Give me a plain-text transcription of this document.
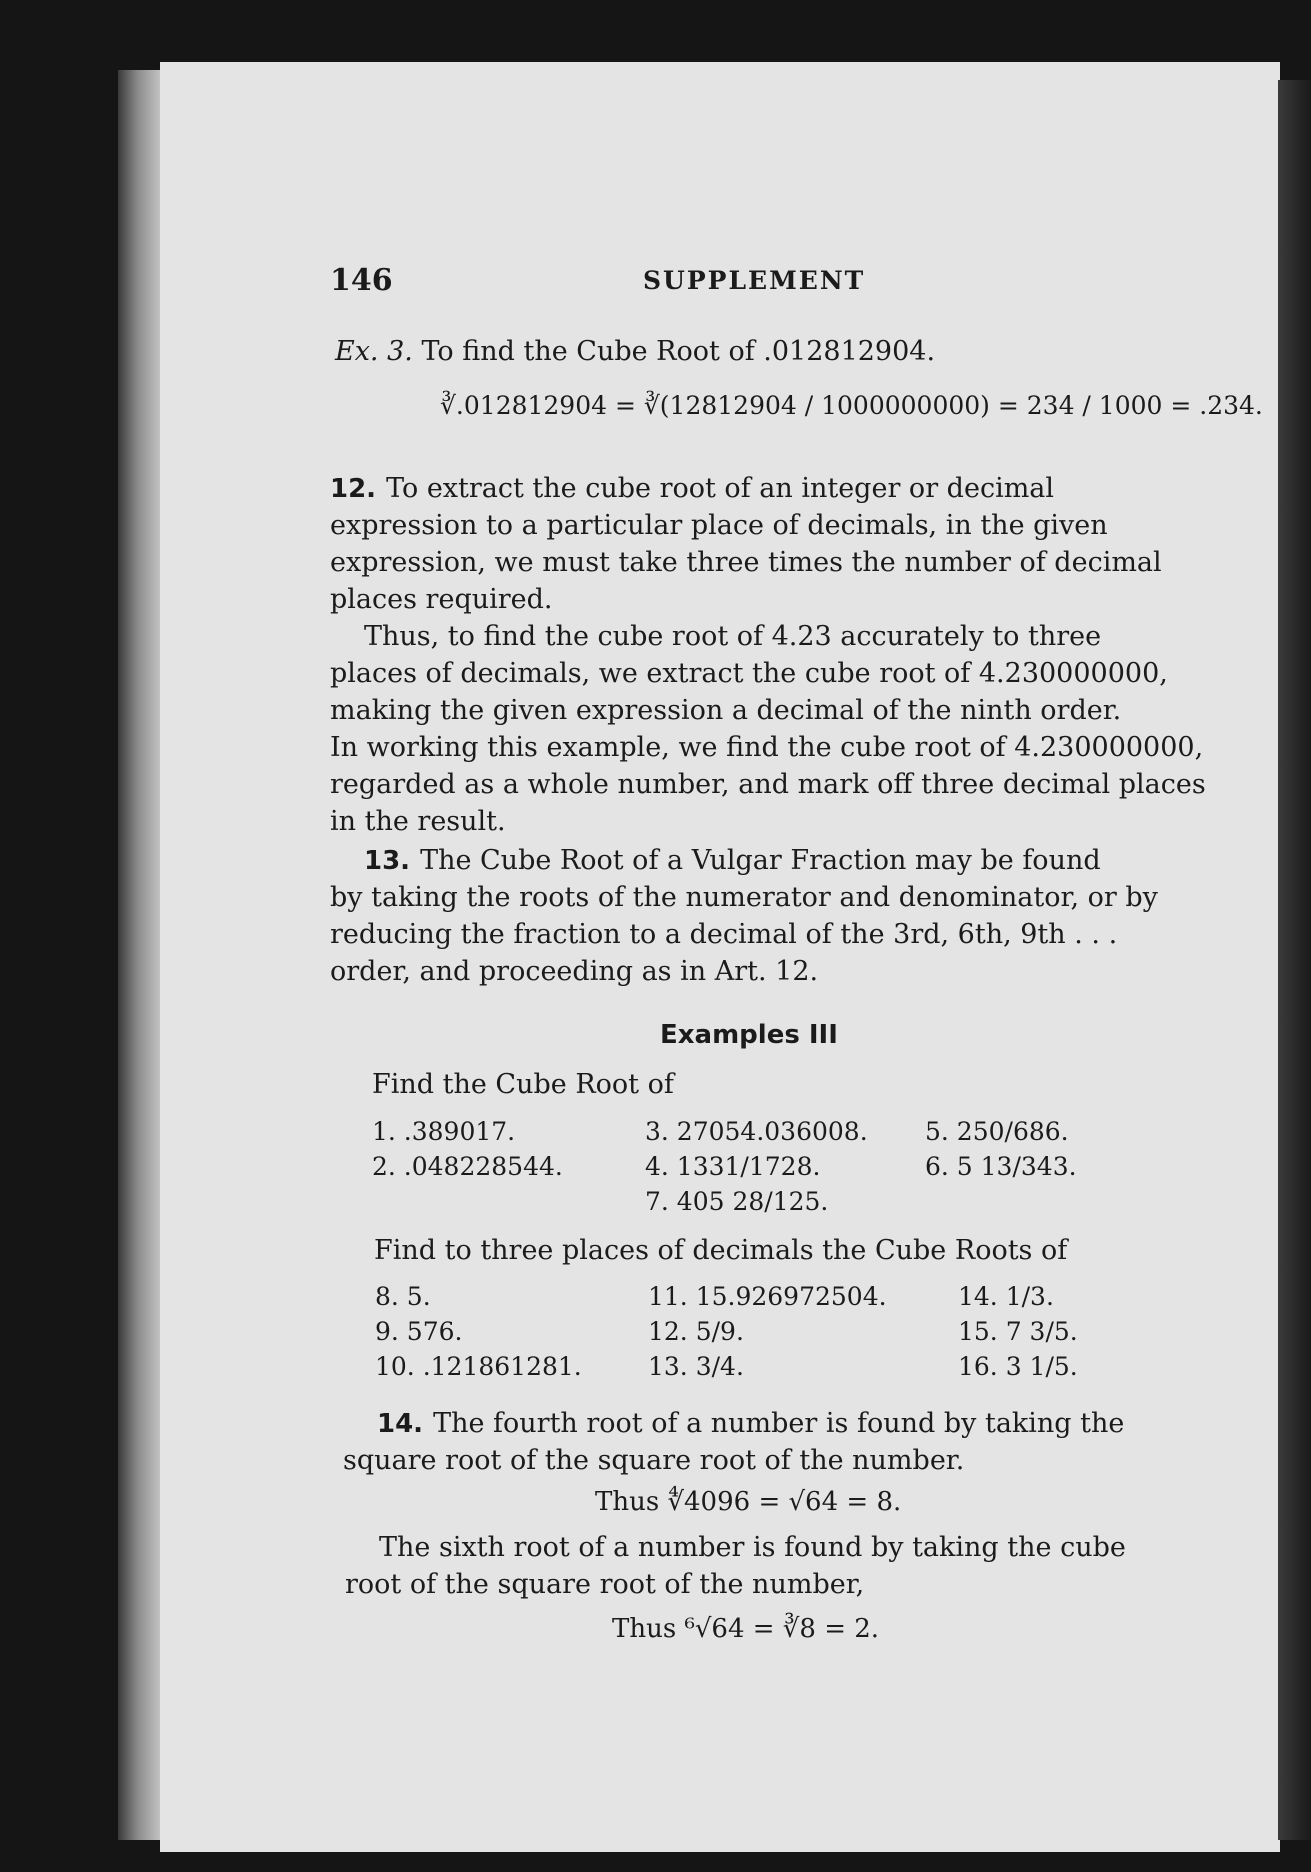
146	SUPPLEMENT
Ex. 3. To find the Cube Root of .012812904.
∛.012812904 = ∛(12812904 / 1000000000) = 234 / 1000 = .234.
12. To extract the cube root of an integer or decimal
expression to a particular place of decimals, in the given
expression, we must take three times the number of decimal
places required.
Thus, to find the cube root of 4.23 accurately to three
places of decimals, we extract the cube root of 4.230000000,
making the given expression a decimal of the ninth order.
In working this example, we find the cube root of 4.230000000,
regarded as a whole number, and mark off three decimal places
in the result.
13. The Cube Root of a Vulgar Fraction may be found
by taking the roots of the numerator and denominator, or by
reducing the fraction to a decimal of the 3rd, 6th, 9th . . .
order, and proceeding as in Art. 12.
Examples III
Find the Cube Root of
1. .389017.
2. .048228544.
3. 27054.036008.
4. 1331/1728.
7. 405 28/125.
5. 250/686.
6. 5 13/343.
Find to three places of decimals the Cube Roots of
8. 5.
9. 576.
10. .121861281.
11. 15.926972504.
12. 5/9.
13. 3/4.
14. 1/3.
15. 7 3/5.
16. 3 1/5.
14. The fourth root of a number is found by taking the
square root of the square root of the number.
Thus ∜4096 = √64 = 8.
The sixth root of a number is found by taking the cube
root of the square root of the number,
Thus ⁶√64 = ∛8 = 2.
